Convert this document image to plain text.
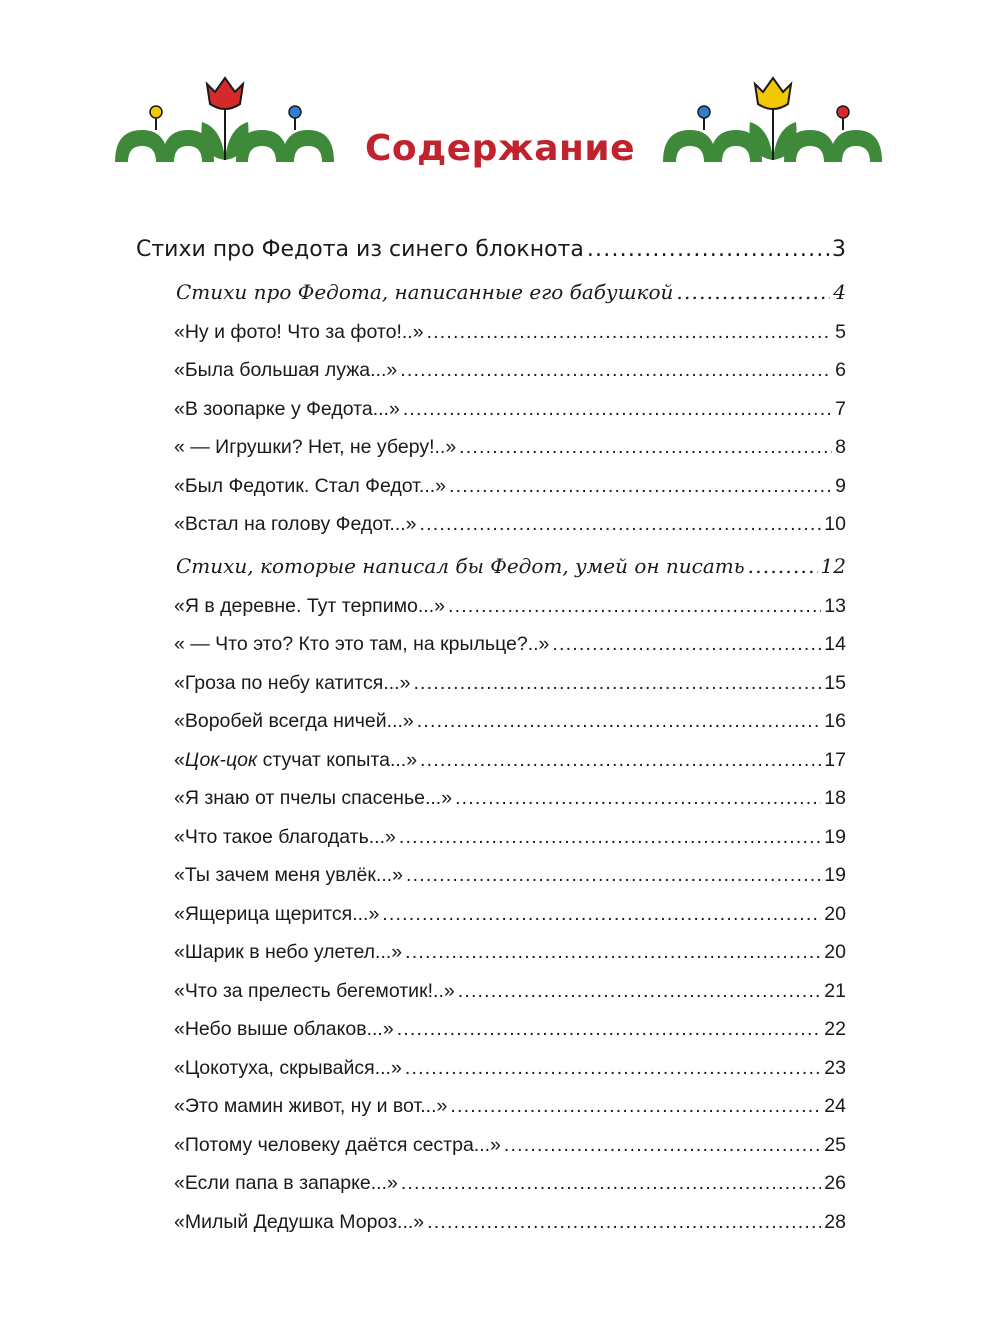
Содержание
Стихи про Федота из синего блокнота .....	3
Стихи про Федота, написанные его бабушкой .....	4
«Ну и фото! Что за фото!..» .....	5
«Была большая лужа...» .....	6
«В зоопарке у Федота...» .....	7
« — Игрушки? Нет, не уберу!..» .....	8
«Был Федотик. Стал Федот...» .....	9
«Встал на голову Федот...» .....	10
Стихи, которые написал бы Федот, умей он писать .....	12
«Я в деревне. Тут терпимо...» .....	13
« — Что это? Кто это там, на крыльце?..» .....	14
«Гроза по небу катится...» .....	15
«Воробей всегда ничей...» .....	16
«Цок-цок стучат копыта...» .....	17
«Я знаю от пчелы спасенье...» .....	18
«Что такое благодать...» .....	19
«Ты зачем меня увлёк...» .....	19
«Ящерица щерится...» .....	20
«Шарик в небо улетел...» .....	20
«Что за прелесть бегемотик!..» .....	21
«Небо выше облаков...» .....	22
«Цокотуха, скрывайся...» .....	23
«Это мамин живот, ну и вот...» .....	24
«Потому человеку даётся сестра...» .....	25
«Если папа в запарке...» .....	26
«Милый Дедушка Мороз...» .....	28
